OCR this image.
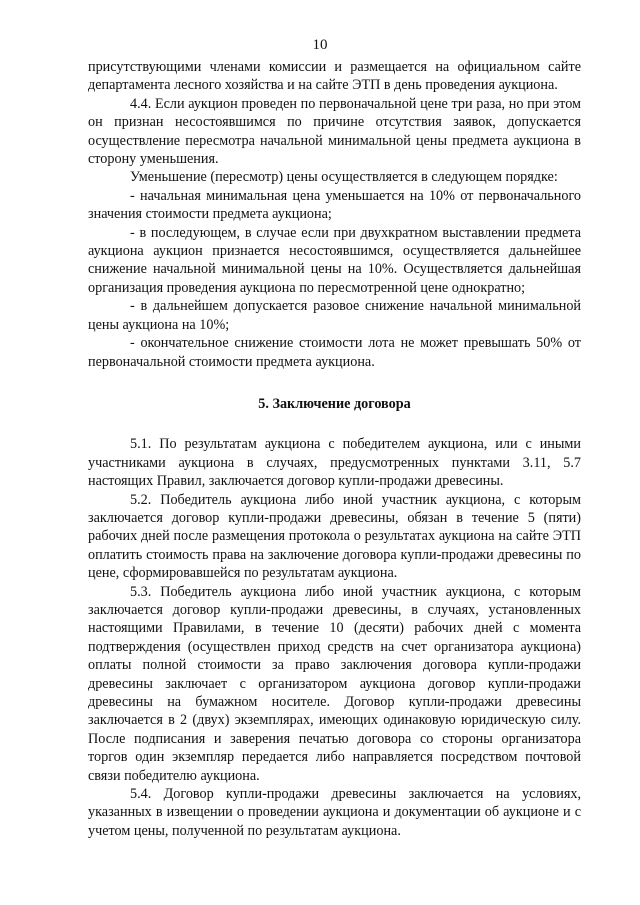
10

присутствующими членами комиссии и размещается на официальном сайте департамента лесного хозяйства и на сайте ЭТП в день проведения аукциона.

4.4. Если аукцион проведен по первоначальной цене три раза, но при этом он признан несостоявшимся по причине отсутствия заявок, допускается осуществление пересмотра начальной минимальной цены предмета аукциона в сторону уменьшения.

Уменьшение (пересмотр) цены осуществляется в следующем порядке:

- начальная минимальная цена уменьшается на 10% от первоначального значения стоимости предмета аукциона;

- в последующем, в случае если при двухкратном выставлении предмета аукциона аукцион признается несостоявшимся, осуществляется дальнейшее снижение начальной минимальной цены на 10%. Осуществляется дальнейшая организация проведения аукциона по пересмотренной цене однократно;

- в дальнейшем допускается разовое снижение начальной минимальной цены аукциона на 10%;

- окончательное снижение стоимости лота не может превышать 50% от первоначальной стоимости предмета аукциона.

5. Заключение договора

5.1. По результатам аукциона с победителем аукциона, или с иными участниками аукциона в случаях, предусмотренных пунктами 3.11, 5.7 настоящих Правил, заключается договор купли-продажи древесины.

5.2. Победитель аукциона либо иной участник аукциона, с которым заключается договор купли-продажи древесины, обязан в течение 5 (пяти) рабочих дней после размещения протокола о результатах аукциона на сайте ЭТП оплатить стоимость права на заключение договора купли-продажи древесины по цене, сформировавшейся по результатам аукциона.

5.3. Победитель аукциона либо иной участник аукциона, с которым заключается договор купли-продажи древесины, в случаях, установленных настоящими Правилами, в течение 10 (десяти) рабочих дней с момента подтверждения (осуществлен приход средств на счет организатора аукциона) оплаты полной стоимости за право заключения договора купли-продажи древесины заключает с организатором аукциона договор купли-продажи древесины на бумажном носителе. Договор купли-продажи древесины заключается в 2 (двух) экземплярах, имеющих одинаковую юридическую силу. После подписания и заверения печатью договора со стороны организатора торгов один экземпляр передается либо направляется посредством почтовой связи победителю аукциона.

5.4. Договор купли-продажи древесины заключается на условиях, указанных в извещении о проведении аукциона и документации об аукционе и с учетом цены, полученной по результатам аукциона.
